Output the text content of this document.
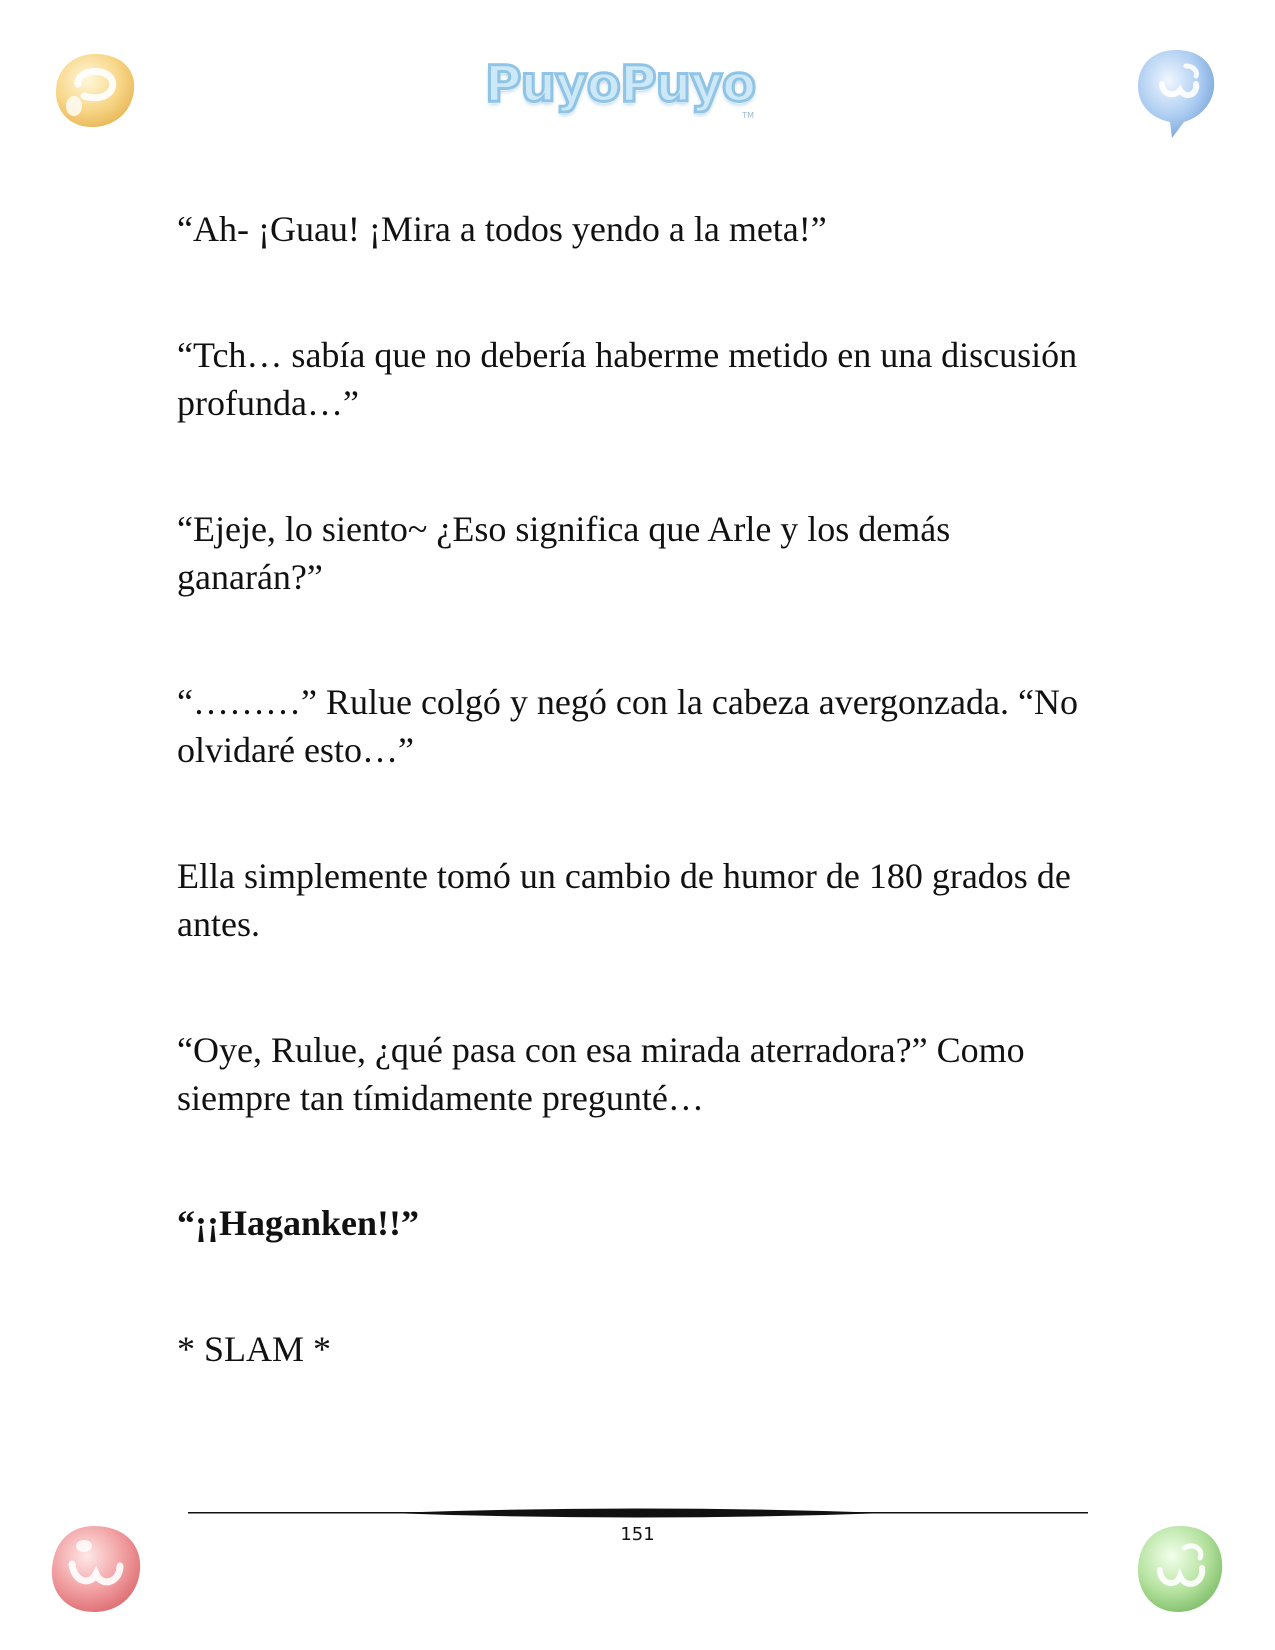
PuyoPuyo
TM

“Ah- ¡Guau! ¡Mira a todos yendo a la meta!”

“Tch… sabía que no debería haberme metido en una discusión profunda…”

“Ejeje, lo siento~ ¿Eso significa que Arle y los demás ganarán?”

“………” Rulue colgó y negó con la cabeza avergonzada. “No olvidaré esto…”

Ella simplemente tomó un cambio de humor de 180 grados de antes.

“Oye, Rulue, ¿qué pasa con esa mirada aterradora?” Como siempre tan tímidamente pregunté…

“¡¡Haganken!!”

* SLAM *

151
